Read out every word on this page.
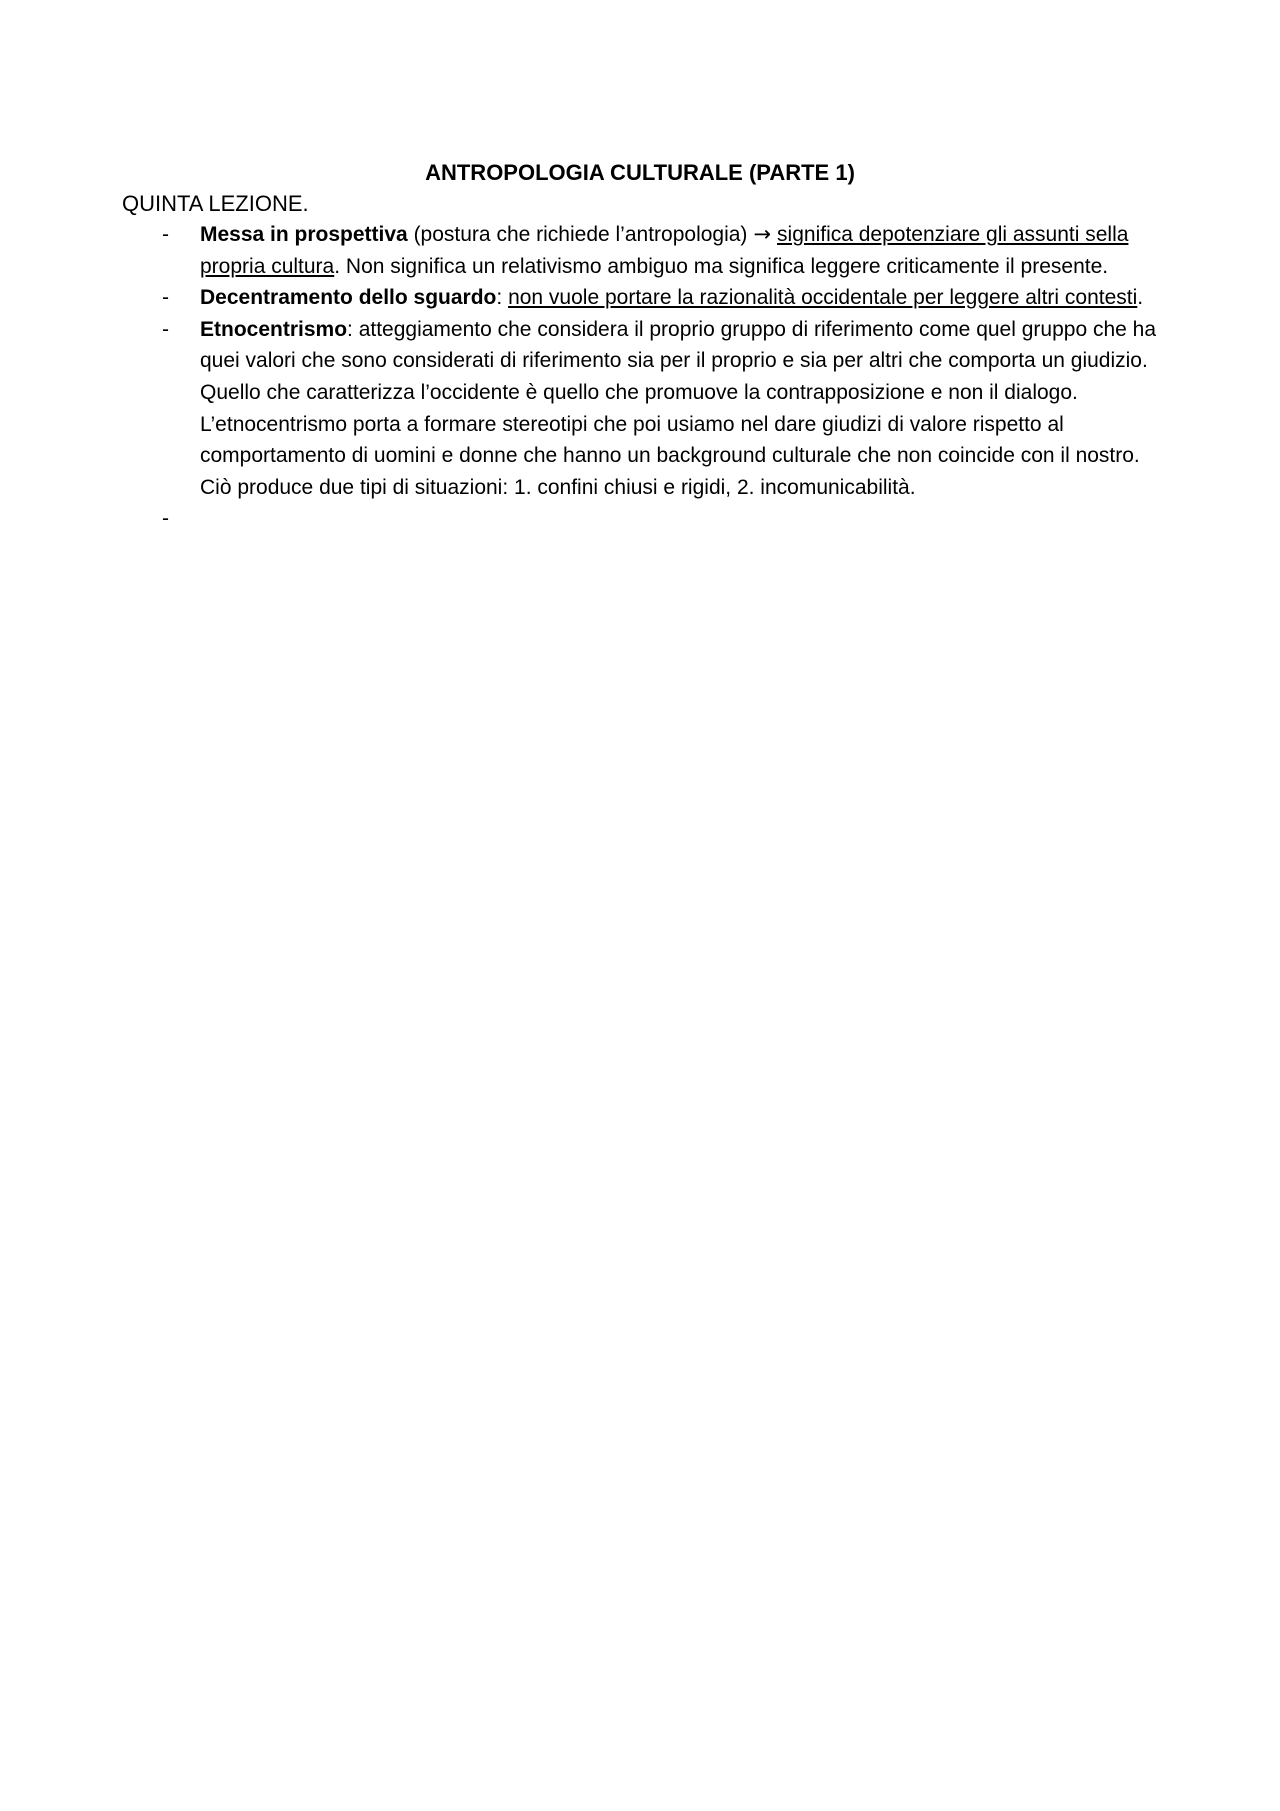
ANTROPOLOGIA CULTURALE (PARTE 1)

QUINTA LEZIONE.

- Messa in prospettiva (postura che richiede l’antropologia) → significa depotenziare gli assunti sella propria cultura. Non significa un relativismo ambiguo ma significa leggere criticamente il presente.
- Decentramento dello sguardo: non vuole portare la razionalità occidentale per leggere altri contesti.
- Etnocentrismo: atteggiamento che considera il proprio gruppo di riferimento come quel gruppo che ha quei valori che sono considerati di riferimento sia per il proprio e sia per altri che comporta un giudizio. Quello che caratterizza l’occidente è quello che promuove la contrapposizione e non il dialogo. L’etnocentrismo porta a formare stereotipi che poi usiamo nel dare giudizi di valore rispetto al comportamento di uomini e donne che hanno un background culturale che non coincide con il nostro. Ciò produce due tipi di situazioni: 1. confini chiusi e rigidi, 2. incomunicabilità.
-
